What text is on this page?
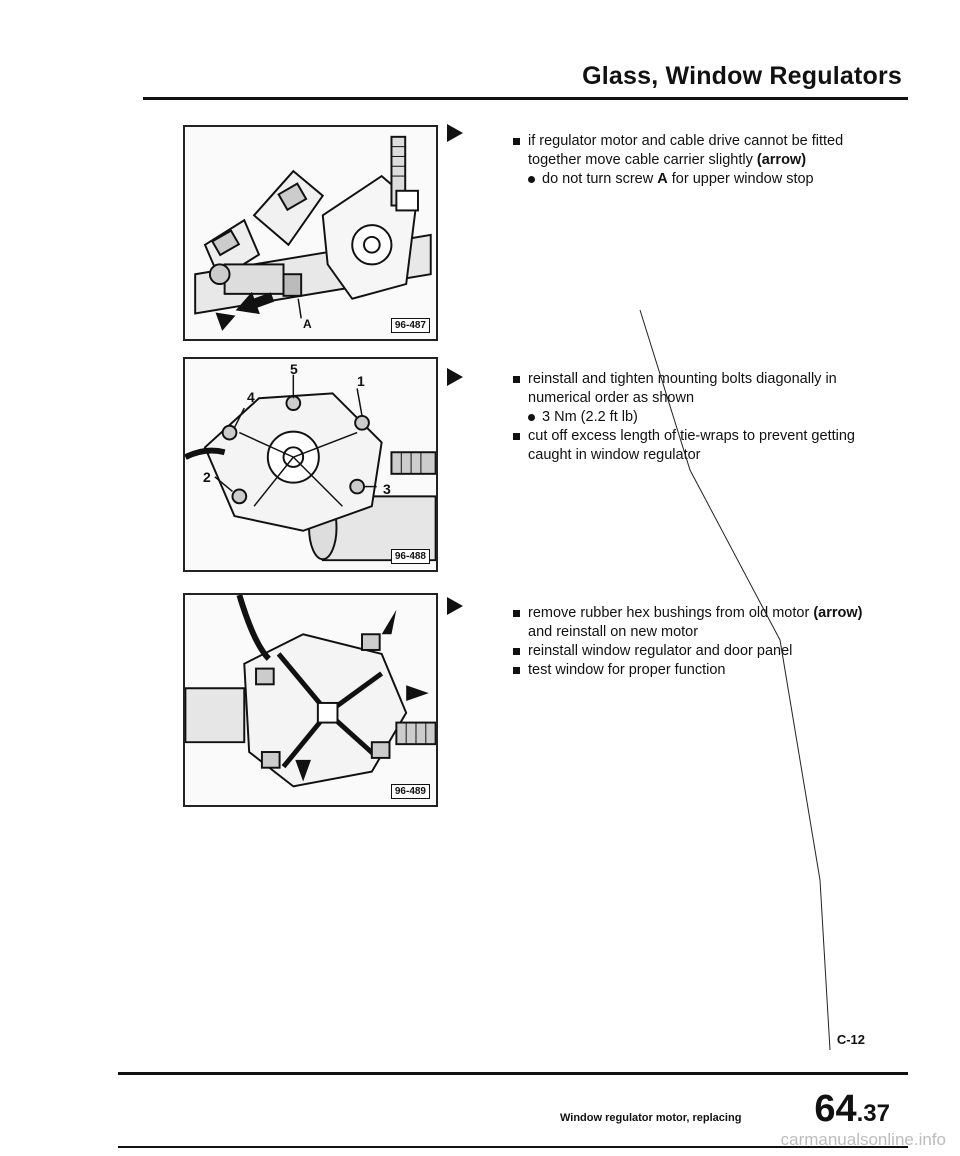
Glass, Window Regulators
A	96-487
5
4
1
2
3
96-488
96-489
if regulator motor and cable drive cannot be fitted together move cable carrier slightly (arrow)
do not turn screw A for upper window stop
reinstall and tighten mounting bolts diagonally in numerical order as shown
3 Nm (2.2 ft lb)
cut off excess length of tie-wraps to prevent getting caught in window regulator
remove rubber hex bushings from old motor (arrow) and reinstall on new motor
reinstall window regulator and door panel
test window for proper function
C-12
Window regulator motor, replacing 64.37
carmanualsonline.info
